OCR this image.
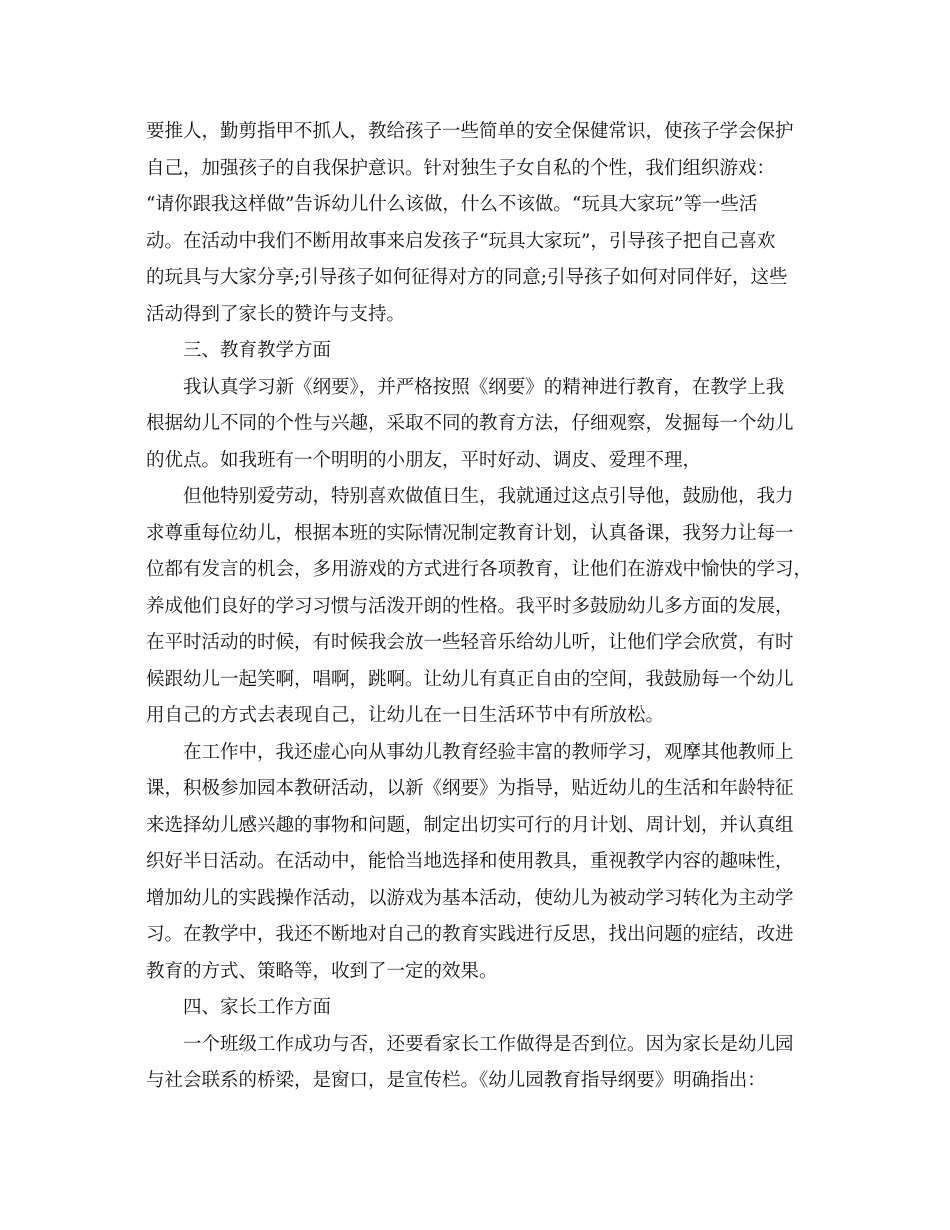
要推人，勤剪指甲不抓人，教给孩子一些简单的安全保健常识，使孩子学会保护
自己，加强孩子的自我保护意识。针对独生子女自私的个性，我们组织游戏：
“请你跟我这样做”告诉幼儿什么该做，什么不该做。“玩具大家玩”等一些活
动。在活动中我们不断用故事来启发孩子“玩具大家玩”，引导孩子把自己喜欢
的玩具与大家分享;引导孩子如何征得对方的同意;引导孩子如何对同伴好，这些
活动得到了家长的赞许与支持。
三、教育教学方面
我认真学习新《纲要》，并严格按照《纲要》的精神进行教育，在教学上我
根据幼儿不同的个性与兴趣，采取不同的教育方法，仔细观察，发掘每一个幼儿
的优点。如我班有一个明明的小朋友，平时好动、调皮、爱理不理，
但他特别爱劳动，特别喜欢做值日生，我就通过这点引导他，鼓励他，我力
求尊重每位幼儿，根据本班的实际情况制定教育计划，认真备课，我努力让每一
位都有发言的机会，多用游戏的方式进行各项教育，让他们在游戏中愉快的学习，
养成他们良好的学习习惯与活泼开朗的性格。我平时多鼓励幼儿多方面的发展，
在平时活动的时候，有时候我会放一些轻音乐给幼儿听，让他们学会欣赏，有时
候跟幼儿一起笑啊，唱啊，跳啊。让幼儿有真正自由的空间，我鼓励每一个幼儿
用自己的方式去表现自己，让幼儿在一日生活环节中有所放松。
在工作中，我还虚心向从事幼儿教育经验丰富的教师学习，观摩其他教师上
课，积极参加园本教研活动，以新《纲要》为指导，贴近幼儿的生活和年龄特征
来选择幼儿感兴趣的事物和问题，制定出切实可行的月计划、周计划，并认真组
织好半日活动。在活动中，能恰当地选择和使用教具，重视教学内容的趣味性，
增加幼儿的实践操作活动，以游戏为基本活动，使幼儿为被动学习转化为主动学
习。在教学中，我还不断地对自己的教育实践进行反思，找出问题的症结，改进
教育的方式、策略等，收到了一定的效果。
四、家长工作方面
一个班级工作成功与否，还要看家长工作做得是否到位。因为家长是幼儿园
与社会联系的桥梁，是窗口，是宣传栏。《幼儿园教育指导纲要》明确指出：
